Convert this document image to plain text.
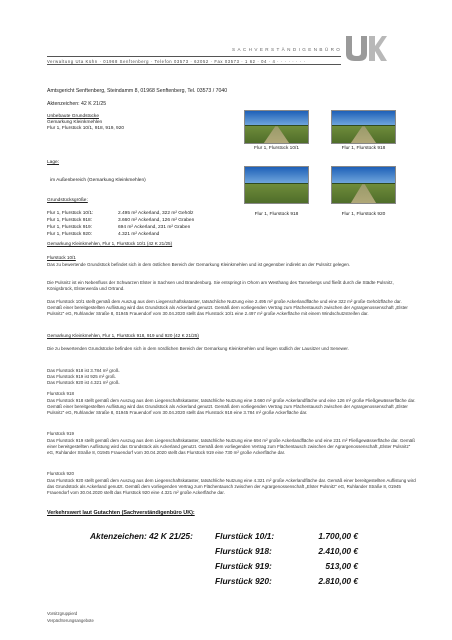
SACHVERSTÄNDIGENBÜRO
Verwaltung Uta Kühn · 01968 Senftenberg · Telefon 03573 · 62052 · Fax 03573 · 1 62 · 04 · 4 · · · · · · · ·
Amtsgericht Senftenberg, Steindamm 8, 01968 Senftenberg, Tel. 03573 / 7040
Aktenzeichen: 42 K 21/25
Unbebaute Grundstücke
Gemarkung Kleinkmehlen
Flur 1, Flurstück 10/1, 918, 919, 920
Flur 1, Flurstück 10/1	Flur 1, Flurstück 918
Flur 1, Flurstück 918	Flur 1, Flurstück 920
Lage:
im Außenbereich (Gemarkung Kleinkmehlen)
Grundstücksgröße:
Flur 1, Flurstück 10/1:	2.495 m² Ackerland, 322 m² Gehölz
Flur 1, Flurstück 918:	3.660 m² Ackerland, 126 m² Graben
Flur 1, Flurstück 919:	694 m² Ackerland, 231 m² Graben
Flur 1, Flurstück 920:	4.321 m² Ackerland
Gemarkung Kleinkmehlen, Flur 1, Flurstück 10/1 (42 K 21/25)
Flurstück 10/1
Das zu bewertende Grundstück befindet sich in dem östlichen Bereich der Gemarkung Kleinkmehlen und ist gegenüber indirekt an der Pulsnitz gelegen.
Die Pulsnitz ist ein Nebenfluss der Schwarzen Elster in Sachsen und Brandenburg. Sie entspringt in Ohorn am Westhang des Tannebergs und fließt durch die Städte Pulsnitz, Königsbrück, Elsterwerda und Ortrand.
Das Flurstück 10/1 stellt gemäß dem Auszug aus dem Liegenschaftskataster, tatsächliche Nutzung eine 2.495 m² große Ackerlandfläche und eine 322 m² große Gehölzfläche dar. Gemäß einer bereitgestellten Auflistung wird das Grundstück als Ackerland genutzt. Gemäß dem vorliegenden Vertrag zum Flächentausch zwischen der Agrargenossenschaft „Elster Pulsnitz“ eG, Ruhlander Straße 8, 01945 Frauendorf vom 30.04.2020 stellt das Flurstück 10/1 eine 2.497 m² große Ackerfläche mit einem Windschutzstreifen dar.
Gemarkung Kleinkmehlen, Flur 1, Flurstück 918, 919 und 920 (42 K 21/25)
Die zu bewertenden Grundstücke befinden sich in dem nördlichen Bereich der Gemarkung Kleinkmehlen und liegen südlich der Lausitzer und Senewer.
Das Flurstück 918 ist 3.784 m² groß.
Das Flurstück 919 ist 925 m² groß.
Das Flurstück 920 ist 4.321 m² groß.
Flurstück 918
Das Flurstück 918 stellt gemäß dem Auszug aus dem Liegenschaftskataster, tatsächliche Nutzung eine 3.660 m² große Ackerlandfläche und eine 126 m² große Fließgewässerfläche dar. Gemäß einer bereitgestellten Auflistung wird das Grundstück als Ackerland genutzt. Gemäß dem vorliegenden Vertrag zum Flächentausch zwischen der Agrargenossenschaft „Elster Pulsnitz“ eG, Ruhlander Straße 8, 01945 Frauendorf vom 30.04.2020 stellt das Flurstück 918 eine 3.784 m² große Ackerfläche dar.
Flurstück 919
Das Flurstück 919 stellt gemäß dem Auszug aus dem Liegenschaftskataster, tatsächliche Nutzung eine 694 m² große Ackerlandfläche und eine 231 m² Fließgewässerfläche dar. Gemäß einer bereitgestellten Auflistung wird das Grundstück als Ackerland genutzt. Gemäß dem vorliegenden Vertrag zum Flächentausch zwischen der Agrargenossenschaft „Elster Pulsnitz“ eG, Ruhlander Straße 8, 01945 Frauendorf vom 30.04.2020 stellt das Flurstück 919 eine 730 m² große Ackerfläche dar.
Flurstück 920
Das Flurstück 920 stellt gemäß dem Auszug aus dem Liegenschaftskataster, tatsächliche Nutzung eine 4.321 m² große Ackerlandfläche dar. Gemäß einer bereitgestellten Auflistung wird das Grundstück als Ackerland genutzt. Gemäß dem vorliegenden Vertrag zum Flächentausch zwischen der Agrargenossenschaft „Elster Pulsnitz“ eG, Ruhlander Straße 8, 01945 Frauendorf vom 30.04.2020 stellt das Flurstück 920 eine 4.321 m² große Ackerfläche dar.
Verkehrswert laut Gutachten (Sachverständigenbüro UK):
Aktenzeichen: 42 K 21/25:	Flurstück 10/1:	1.700,00 €
Flurstück 918:	2.410,00 €
Flurstück 919:	513,00 €
Flurstück 920:	2.810,00 €
Vorsitzgruppierd
Verpächterungsangebote
